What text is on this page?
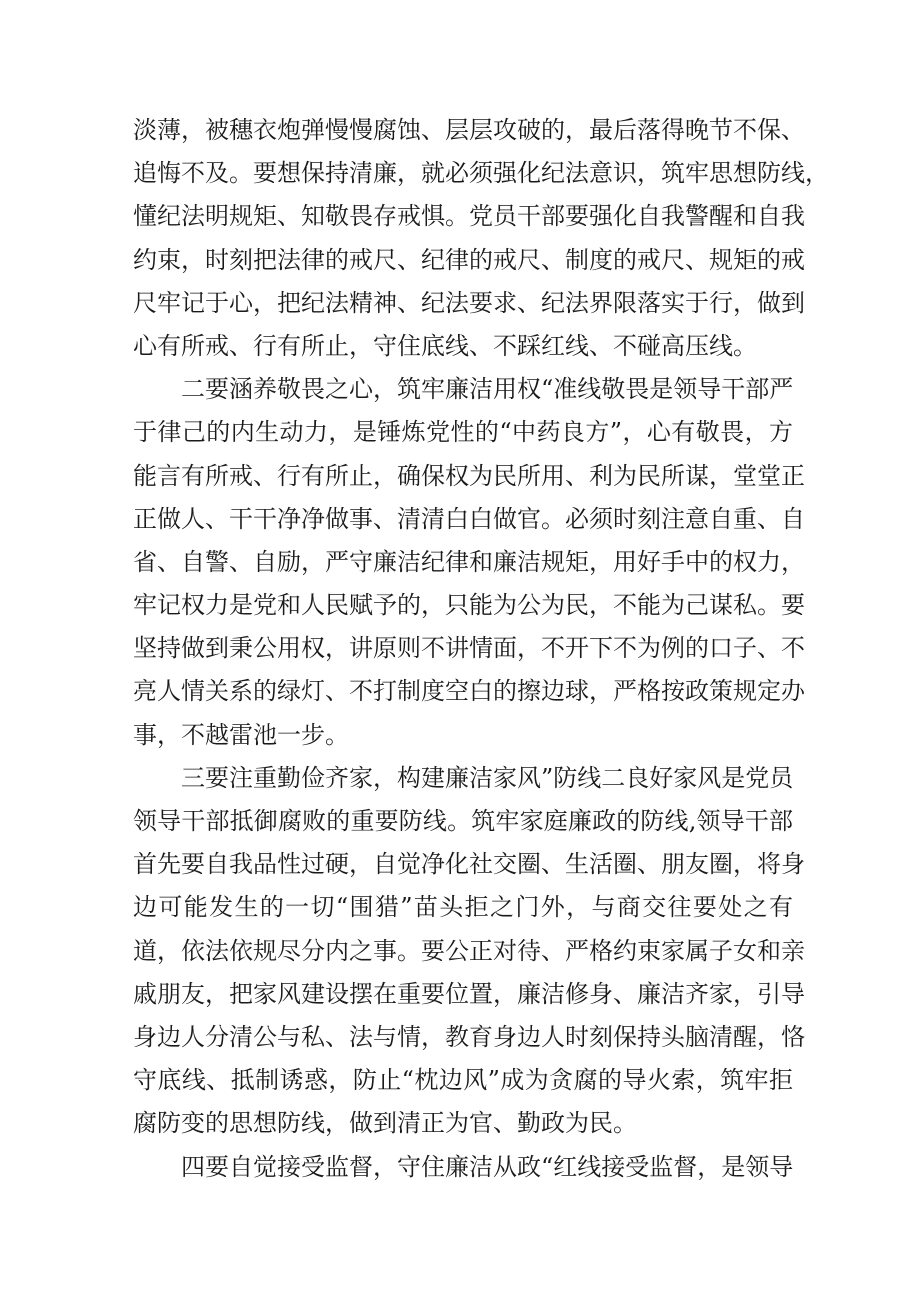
淡薄，被穗衣炮弹慢慢腐蚀、层层攻破的，最后落得晚节不保、
追悔不及。要想保持清廉，就必须强化纪法意识，筑牢思想防线，
懂纪法明规矩、知敬畏存戒惧。党员干部要强化自我警醒和自我
约束，时刻把法律的戒尺、纪律的戒尺、制度的戒尺、规矩的戒
尺牢记于心，把纪法精神、纪法要求、纪法界限落实于行，做到
心有所戒、行有所止，守住底线、不踩红线、不碰高压线。
　　二要涵养敬畏之心，筑牢廉洁用权“准线敬畏是领导干部严
于律己的内生动力，是锤炼党性的“中药良方”，心有敬畏，方
能言有所戒、行有所止，确保权为民所用、利为民所谋，堂堂正
正做人、干干净净做事、清清白白做官。必须时刻注意自重、自
省、自警、自励，严守廉洁纪律和廉洁规矩，用好手中的权力，
牢记权力是党和人民赋予的，只能为公为民，不能为己谋私。要
坚持做到秉公用权，讲原则不讲情面，不开下不为例的口子、不
亮人情关系的绿灯、不打制度空白的擦边球，严格按政策规定办
事，不越雷池一步。
　　三要注重勤俭齐家，构建廉洁家风”防线二良好家风是党员
领导干部抵御腐败的重要防线。筑牢家庭廉政的防线,领导干部
首先要自我品性过硬，自觉净化社交圈、生活圈、朋友圈，将身
边可能发生的一切“围猎”苗头拒之门外，与商交往要处之有
道，依法依规尽分内之事。要公正对待、严格约束家属子女和亲
戚朋友，把家风建设摆在重要位置，廉洁修身、廉洁齐家，引导
身边人分清公与私、法与情，教育身边人时刻保持头脑清醒，恪
守底线、抵制诱惑，防止“枕边风”成为贪腐的导火索，筑牢拒
腐防变的思想防线，做到清正为官、勤政为民。
　　四要自觉接受监督，守住廉洁从政“红线接受监督，是领导
